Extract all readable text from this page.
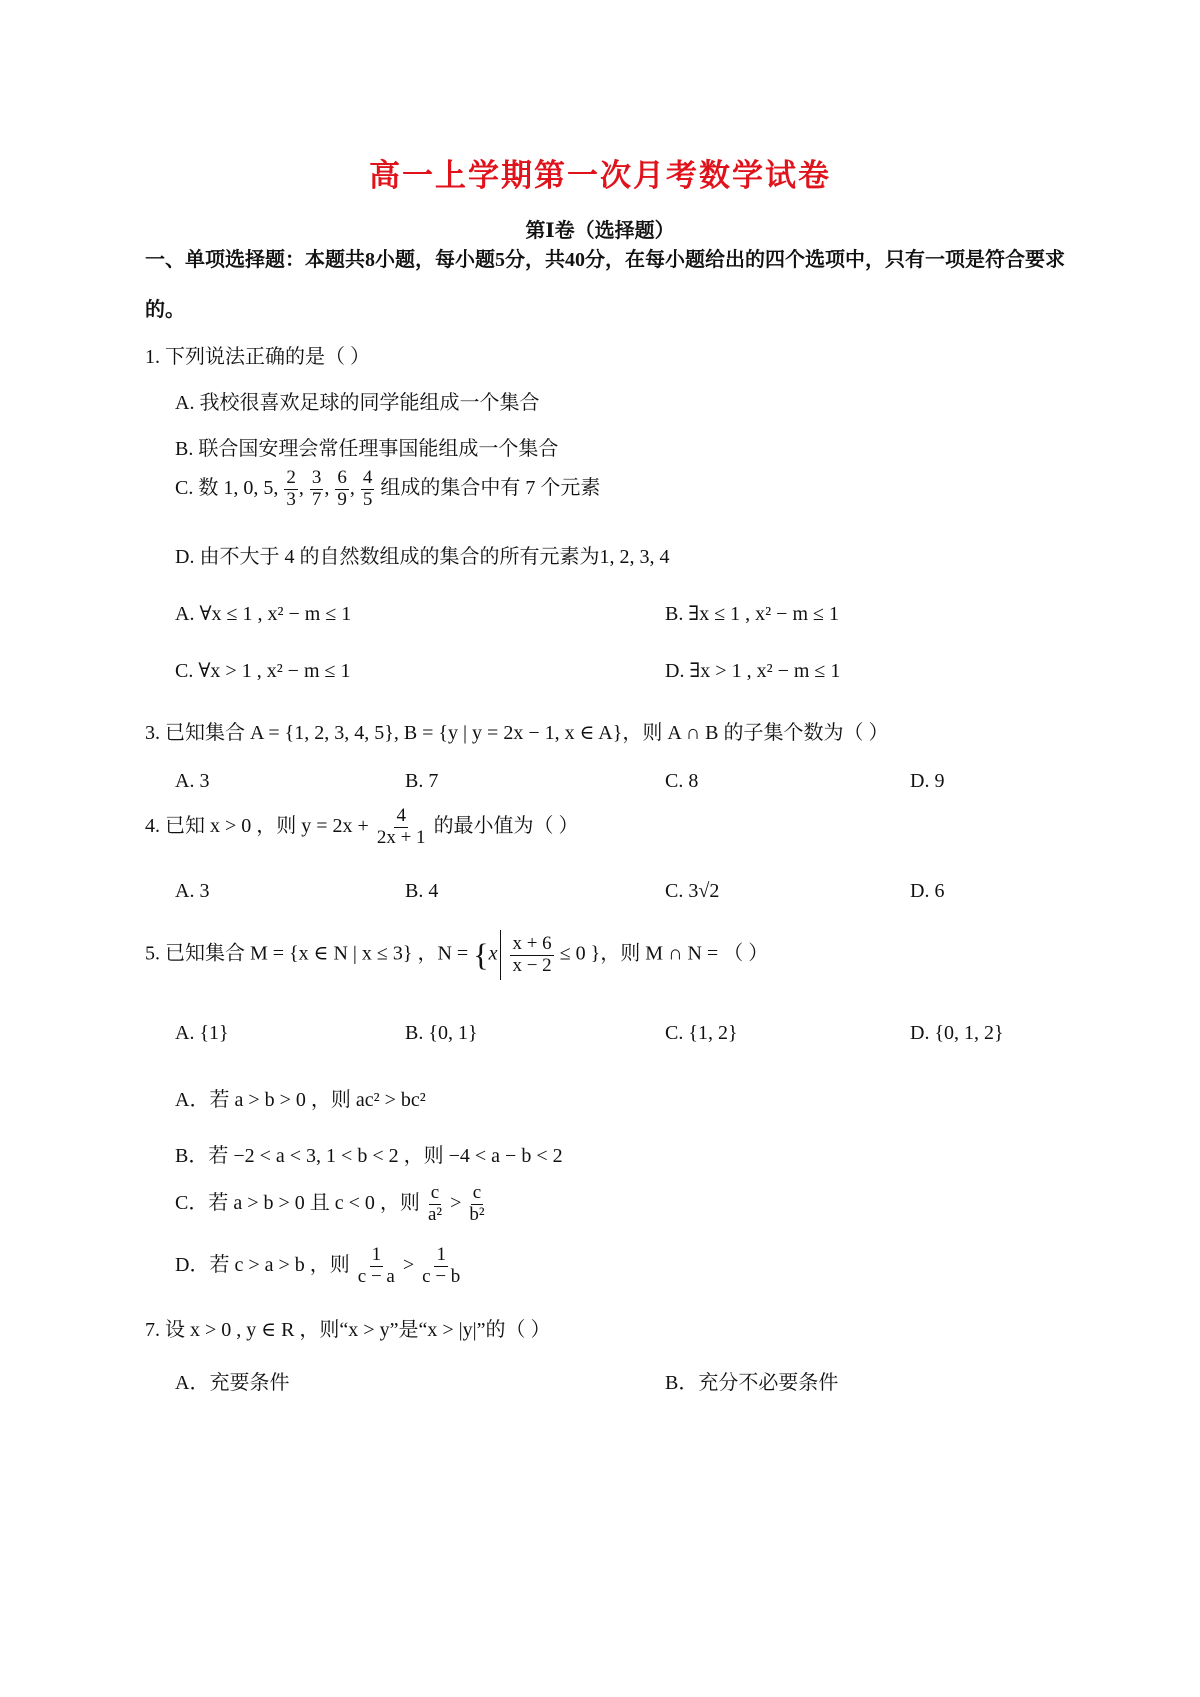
高一上学期第一次月考数学试卷
第Ⅰ卷（选择题）
一、单项选择题：本题共8小题，每小题5分，共40分，在每小题给出的四个选项中，只有一项是符合要求的。
1. 下列说法正确的是（ ）
A. 我校很喜欢足球的同学能组成一个集合
B. 联合国安理会常任理事国能组成一个集合
C. 数 1, 0, 5, $\frac{2}{3}$ , $\frac{3}{7}$ , $\frac{6}{9}$ , $\frac{4}{5}$ 组成的集合中有 7 个元素
D. 由不大于 4 的自然数组成的集合的所有元素为1, 2, 3, 4
A. ∀x ≤ 1 , x² − m ≤ 1	B. ∃x ≤ 1 , x² − m ≤ 1
C. ∀x > 1 , x² − m ≤ 1	D. ∃x > 1 , x² − m ≤ 1
3. 已知集合 A = {1, 2, 3, 4, 5}, B = {y | y = 2x − 1, x ∈ A}，则 A ∩ B 的子集个数为（ ）
A. 3	B. 7	C. 8	D. 9
4. 已知 x > 0 ，则 $y = 2x + \frac{4}{2x + 1}$ 的最小值为（ ）
A. 3	B. 4	C. 3√2	D. 6
5. 已知集合 M = {x ∈ N | x ≤ 3} ，$N = \{x \frac{x + 6}{x - 2} \le 0$ }，则 M ∩ N = （ ）
A. {1}	B. {0, 1}	C. {1, 2}	D. {0, 1, 2}
A．若 a > b > 0 ，则 ac² > bc²
B．若 −2 < a < 3, 1 < b < 2 ，则 −4 < a − b < 2
C．若 a > b > 0 且 c < 0 ，则 $\frac{c}{\text{a²}} > \frac{c}{\text{b²}}$
D．若 c > a > b ，则 $\frac{1}{c - a} > \frac{1}{c - b}$
7. 设 x > 0 , y ∈ R ，则“x > y”是“x > |y|”的（ ）
A．充要条件	B．充分不必要条件
